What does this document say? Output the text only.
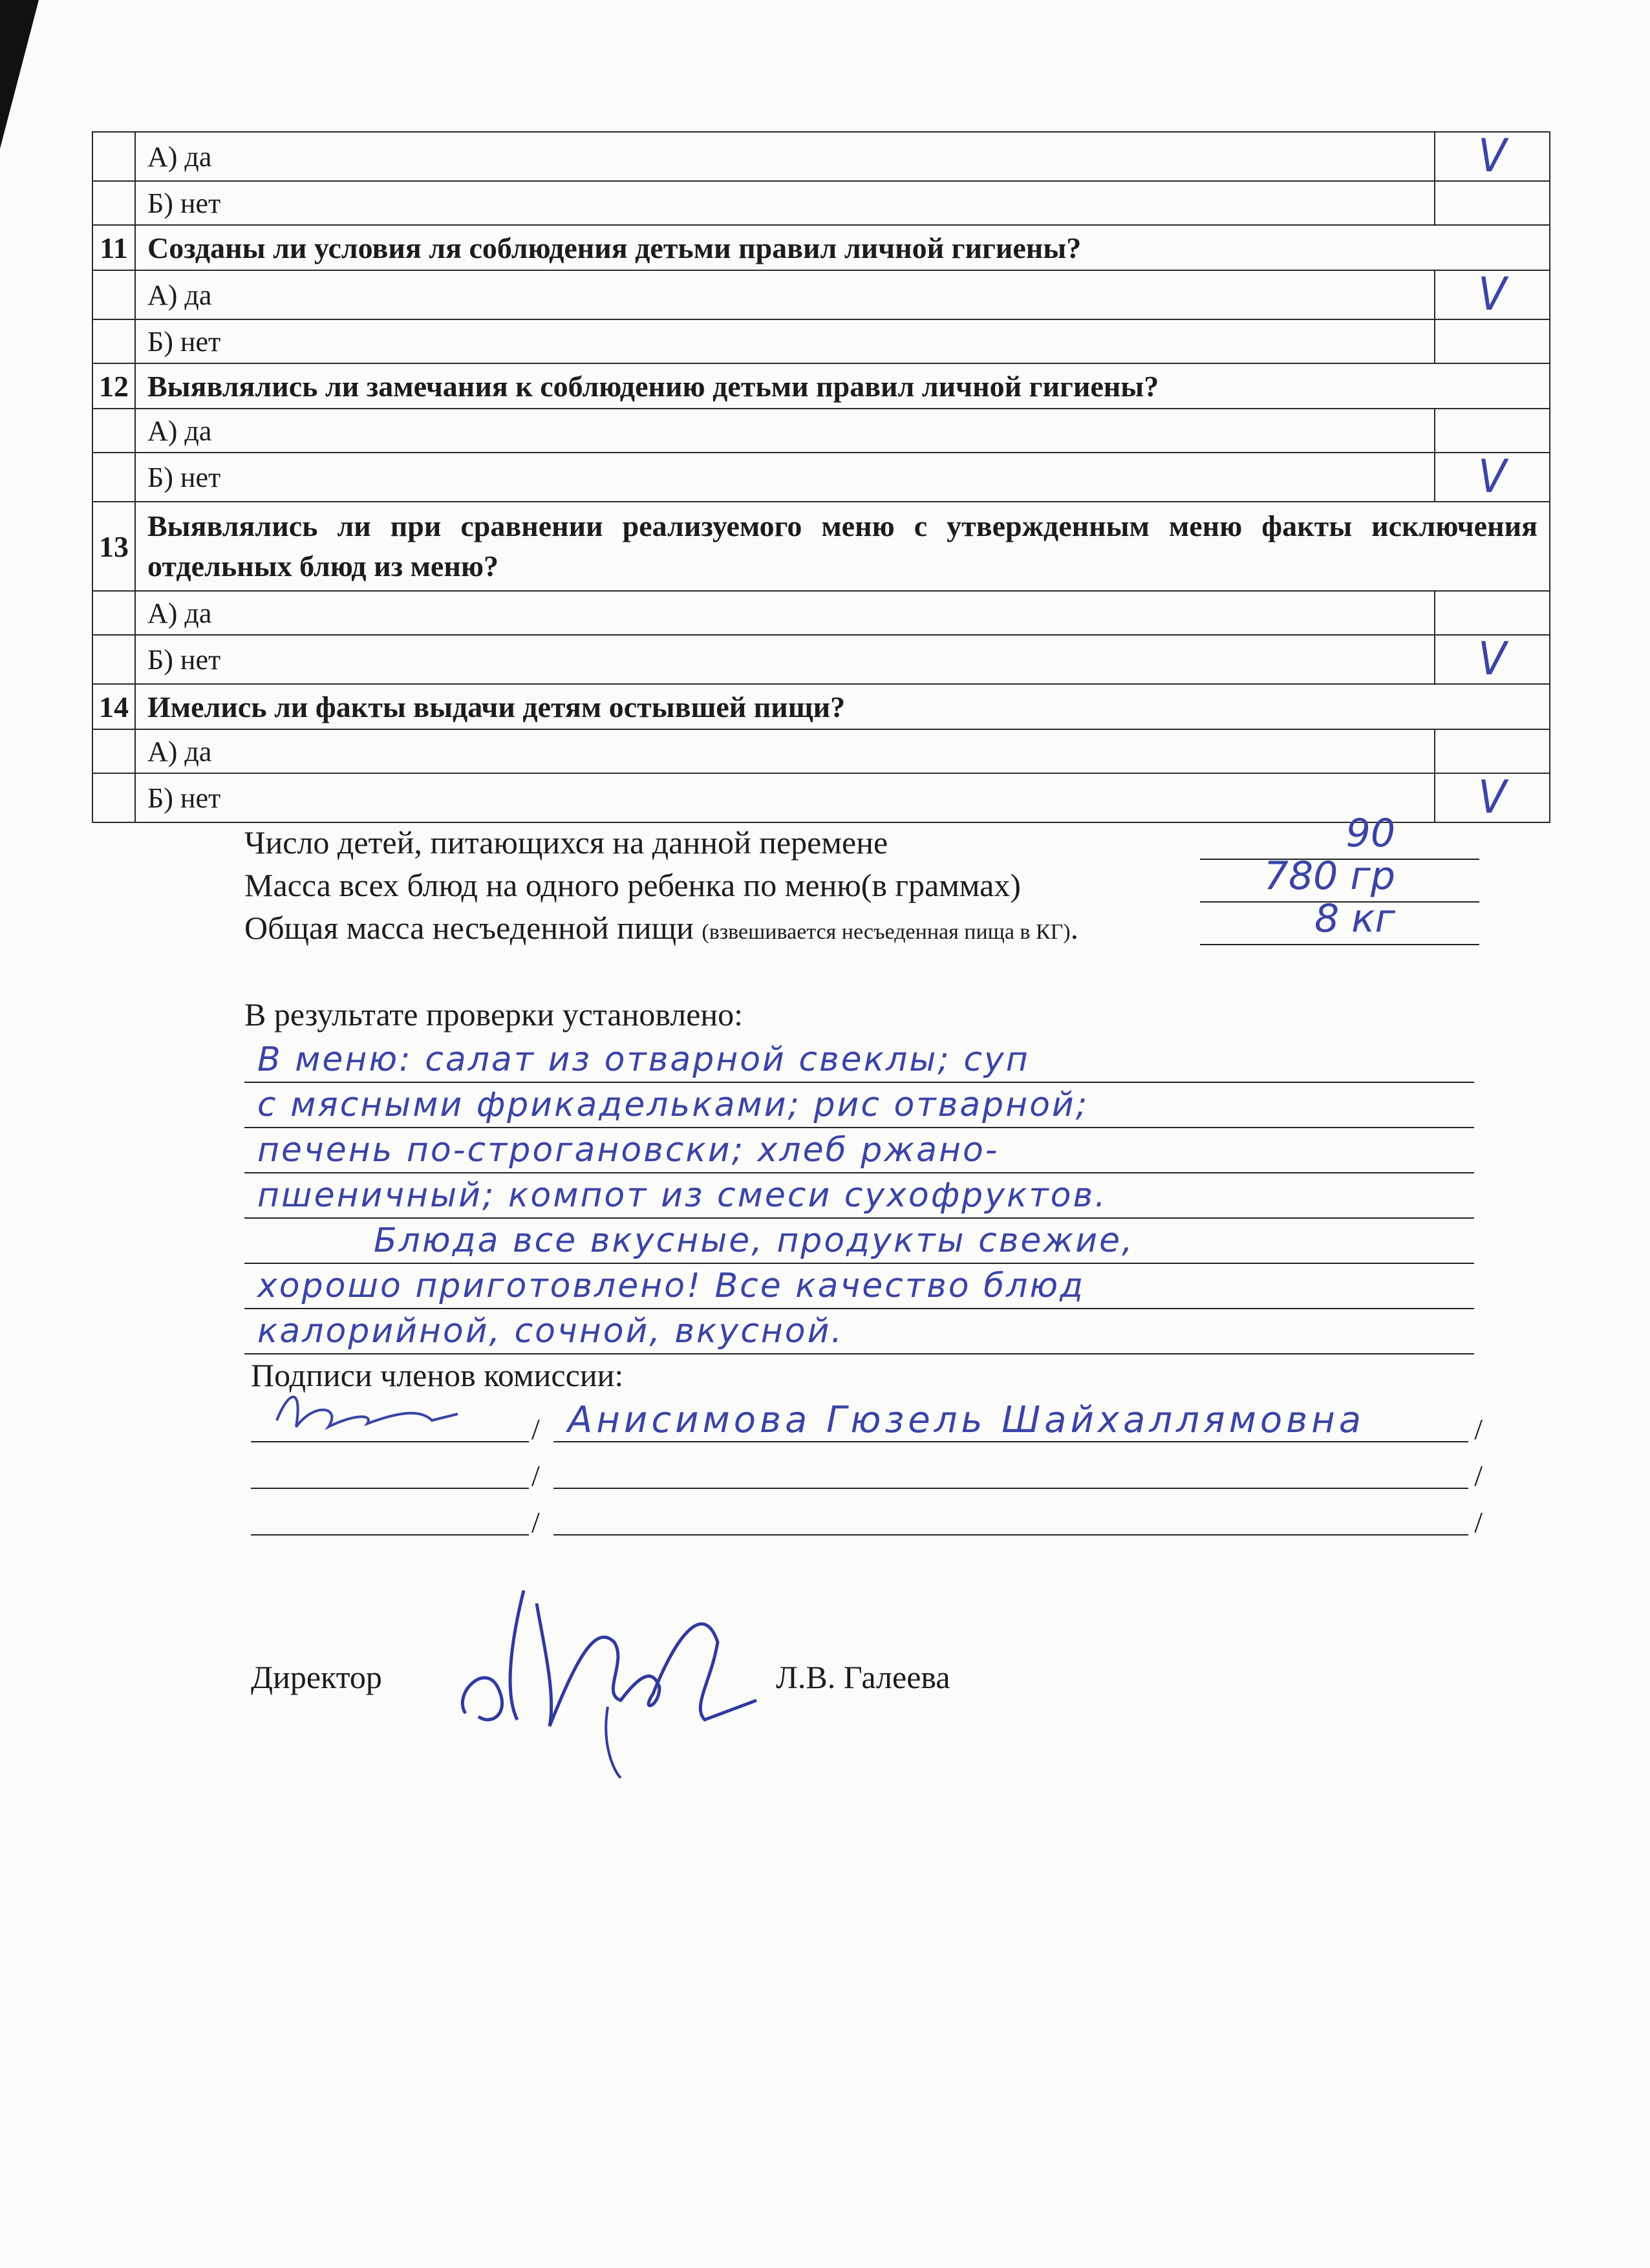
	А) да	V
	Б) нет	
11	Созданы ли условия ля соблюдения детьми правил личной гигиены?	
	А) да	V
	Б) нет	
12	Выявлялись ли замечания к соблюдению детьми правил личной гигиены?	
	А) да	
	Б) нет	V
13	Выявлялись ли при сравнении реализуемого меню с утвержденным меню факты исключения отдельных блюд из меню?	
	А) да	
	Б) нет	V
14	Имелись ли факты выдачи детям остывшей пищи?	
	А) да	
	Б) нет	V
Число детей, питающихся на данной перемене	90
Масса всех блюд на одного ребенка по меню(в граммах)	780 гр
Общая масса несъеденной пищи (взвешивается несъеденная пища в КГ).	8 кг
В результате проверки установлено:
В меню: салат из отварной свеклы; суп
с мясными фрикадельками; рис отварной;
печень по-строгановски; хлеб ржано-
пшеничный; компот из смеси сухофруктов.
Блюда все вкусные, продукты свежие,
хорошо приготовлено! Все качество блюд
калорийной, сочной, вкусной.
Подписи членов комиссии:
/ Анисимова Гюзель Шайхаллямовна	/
/	/
/	/
Директор	Л.В. Галеева
